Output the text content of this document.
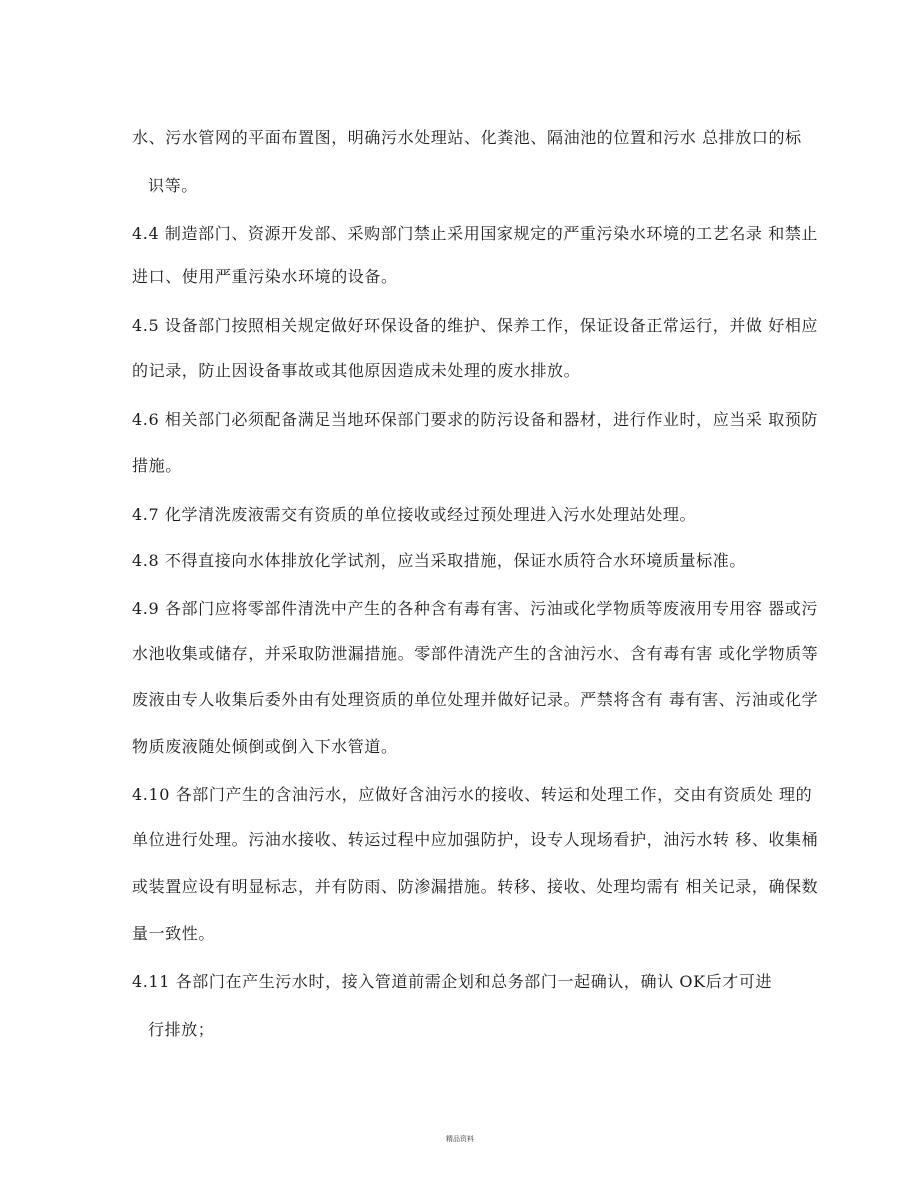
水、污水管网的平面布置图，明确污水处理站、化粪池、隔油池的位置和污水 总排放口的标
识等。
4.4 制造部门、资源开发部、采购部门禁止采用国家规定的严重污染水环境的工艺名录 和禁止
进口、使用严重污染水环境的设备。
4.5 设备部门按照相关规定做好环保设备的维护、保养工作，保证设备正常运行，并做 好相应
的记录，防止因设备事故或其他原因造成未处理的废水排放。
4.6 相关部门必须配备满足当地环保部门要求的防污设备和器材，进行作业时，应当采 取预防
措施。
4.7 化学清洗废液需交有资质的单位接收或经过预处理进入污水处理站处理。
4.8 不得直接向水体排放化学试剂，应当采取措施，保证水质符合水环境质量标准。
4.9 各部门应将零部件清洗中产生的各种含有毒有害、污油或化学物质等废液用专用容 器或污
水池收集或储存，并采取防泄漏措施。零部件清洗产生的含油污水、含有毒有害 或化学物质等
废液由专人收集后委外由有处理资质的单位处理并做好记录。严禁将含有 毒有害、污油或化学
物质废液随处倾倒或倒入下水管道。
4.10 各部门产生的含油污水，应做好含油污水的接收、转运和处理工作，交由有资质处 理的
单位进行处理。污油水接收、转运过程中应加强防护，设专人现场看护，油污水转 移、收集桶
或装置应设有明显标志，并有防雨、防渗漏措施。转移、接收、处理均需有 相关记录，确保数
量一致性。
4.11 各部门在产生污水时，接入管道前需企划和总务部门一起确认，确认 OK后才可进
行排放；
精品资料
